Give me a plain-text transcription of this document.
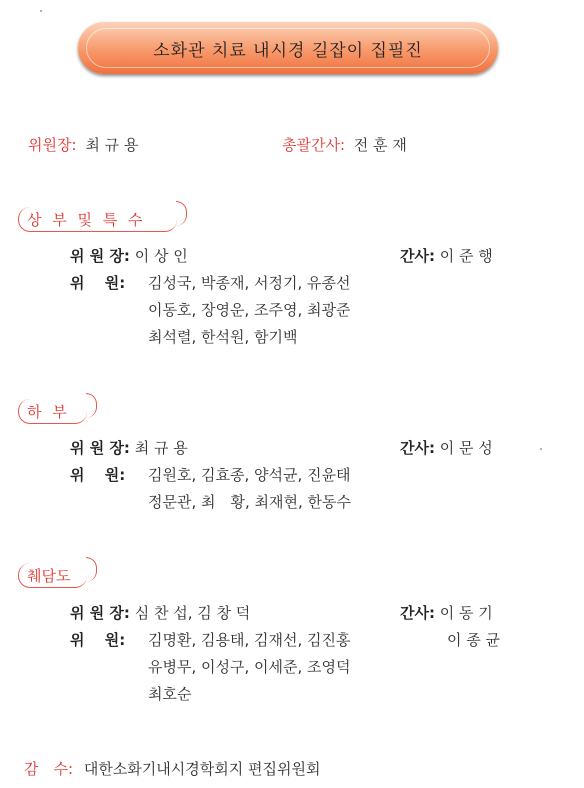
소화관 치료 내시경 길잡이 집필진
위원장: 최 규 용	총괄간사: 전 훈 재
상 부 및 특 수
위 원 장: 이 상 인	간사: 이 준 행
위　 원: 김성국, 박종재, 서정기, 유종선
이동호, 장영운, 조주영, 최광준
최석렬, 한석원, 함기백
하 부
위 원 장: 최 규 용	간사: 이 문 성
위　 원: 김원호, 김효종, 양석균, 진윤태
정문관, 최　황, 최재현, 한동수
췌담도
위 원 장: 심 찬 섭, 김 창 덕	간사: 이 동 기
이 종 균
위　 원: 김명환, 김용태, 김재선, 김진홍
유병무, 이성구, 이세준, 조영덕
최호순
감　수: 대한소화기내시경학회지 편집위원회
